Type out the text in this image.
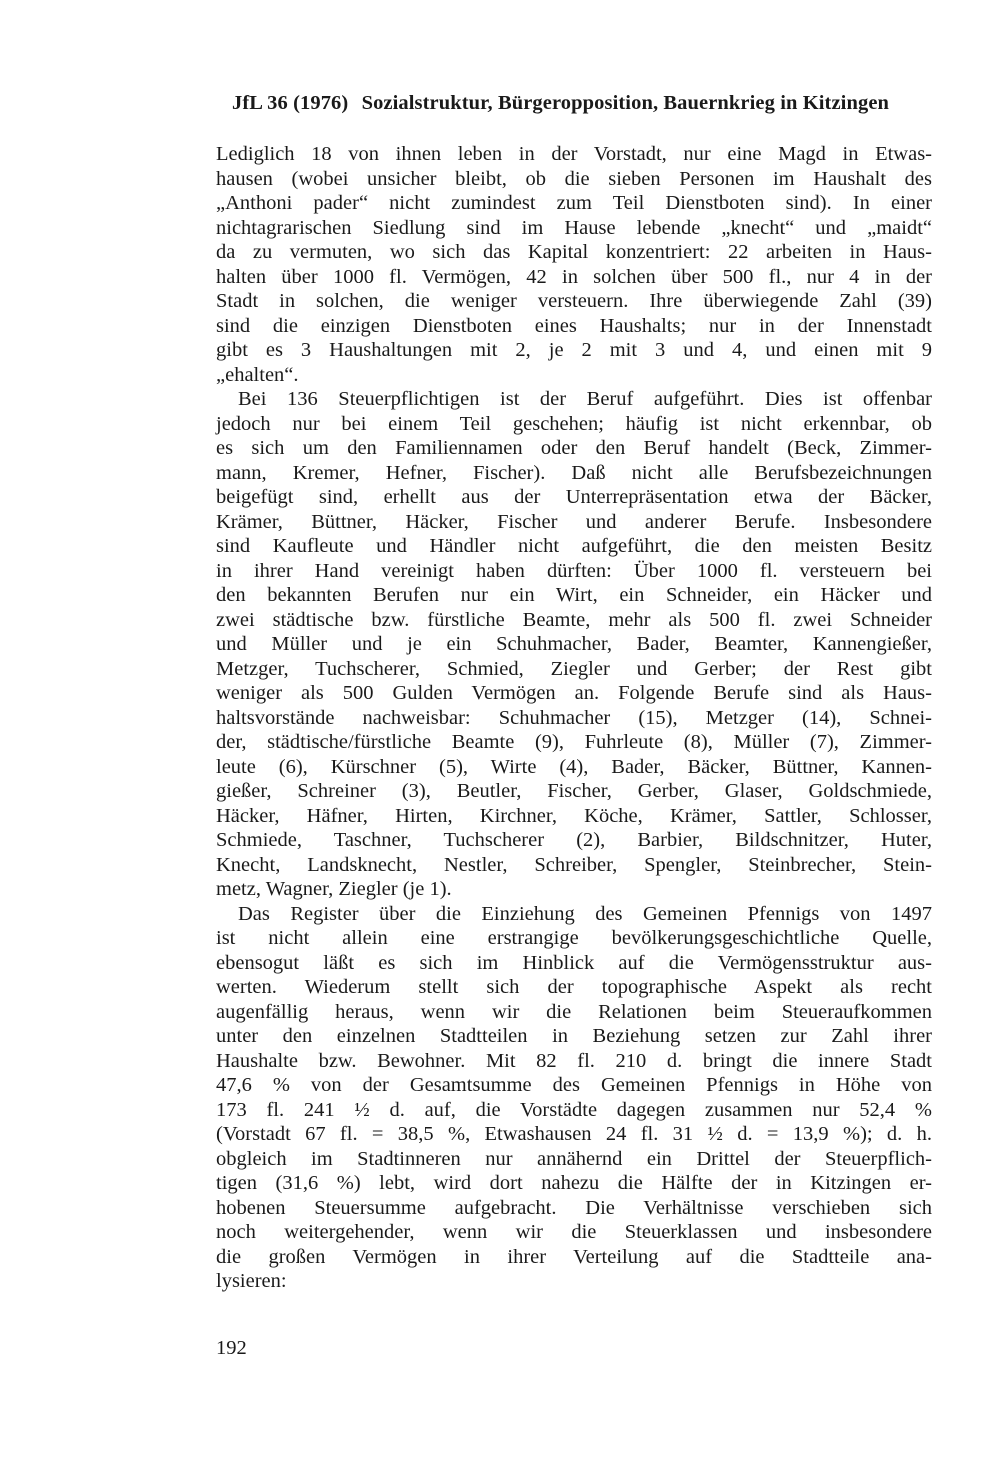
JfL 36 (1976) Sozialstruktur, Bürgeropposition, Bauernkrieg in Kitzingen
Lediglich 18 von ihnen leben in der Vorstadt, nur eine Magd in Etwas-
hausen (wobei unsicher bleibt, ob die sieben Personen im Haushalt des
„Anthoni pader“ nicht zumindest zum Teil Dienstboten sind). In einer
nichtagrarischen Siedlung sind im Hause lebende „knecht“ und „maidt“
da zu vermuten, wo sich das Kapital konzentriert: 22 arbeiten in Haus-
halten über 1000 fl. Vermögen, 42 in solchen über 500 fl., nur 4 in der
Stadt in solchen, die weniger versteuern. Ihre überwiegende Zahl (39)
sind die einzigen Dienstboten eines Haushalts; nur in der Innenstadt
gibt es 3 Haushaltungen mit 2, je 2 mit 3 und 4, und einen mit 9
„ehalten“.
Bei 136 Steuerpflichtigen ist der Beruf aufgeführt. Dies ist offenbar
jedoch nur bei einem Teil geschehen; häufig ist nicht erkennbar, ob
es sich um den Familiennamen oder den Beruf handelt (Beck, Zimmer-
mann, Kremer, Hefner, Fischer). Daß nicht alle Berufsbezeichnungen
beigefügt sind, erhellt aus der Unterrepräsentation etwa der Bäcker,
Krämer, Büttner, Häcker, Fischer und anderer Berufe. Insbesondere
sind Kaufleute und Händler nicht aufgeführt, die den meisten Besitz
in ihrer Hand vereinigt haben dürften: Über 1000 fl. versteuern bei
den bekannten Berufen nur ein Wirt, ein Schneider, ein Häcker und
zwei städtische bzw. fürstliche Beamte, mehr als 500 fl. zwei Schneider
und Müller und je ein Schuhmacher, Bader, Beamter, Kannengießer,
Metzger, Tuchscherer, Schmied, Ziegler und Gerber; der Rest gibt
weniger als 500 Gulden Vermögen an. Folgende Berufe sind als Haus-
haltsvorstände nachweisbar: Schuhmacher (15), Metzger (14), Schnei-
der, städtische/fürstliche Beamte (9), Fuhrleute (8), Müller (7), Zimmer-
leute (6), Kürschner (5), Wirte (4), Bader, Bäcker, Büttner, Kannen-
gießer, Schreiner (3), Beutler, Fischer, Gerber, Glaser, Goldschmiede,
Häcker, Häfner, Hirten, Kirchner, Köche, Krämer, Sattler, Schlosser,
Schmiede, Taschner, Tuchscherer (2), Barbier, Bildschnitzer, Huter,
Knecht, Landsknecht, Nestler, Schreiber, Spengler, Steinbrecher, Stein-
metz, Wagner, Ziegler (je 1).
Das Register über die Einziehung des Gemeinen Pfennigs von 1497
ist nicht allein eine erstrangige bevölkerungsgeschichtliche Quelle,
ebensogut läßt es sich im Hinblick auf die Vermögensstruktur aus-
werten. Wiederum stellt sich der topographische Aspekt als recht
augenfällig heraus, wenn wir die Relationen beim Steueraufkommen
unter den einzelnen Stadtteilen in Beziehung setzen zur Zahl ihrer
Haushalte bzw. Bewohner. Mit 82 fl. 210 d. bringt die innere Stadt
47,6 % von der Gesamtsumme des Gemeinen Pfennigs in Höhe von
173 fl. 241 ½ d. auf, die Vorstädte dagegen zusammen nur 52,4 %
(Vorstadt 67 fl. = 38,5 %, Etwashausen 24 fl. 31 ½ d. = 13,9 %); d. h.
obgleich im Stadtinneren nur annähernd ein Drittel der Steuerpflich-
tigen (31,6 %) lebt, wird dort nahezu die Hälfte der in Kitzingen er-
hobenen Steuersumme aufgebracht. Die Verhältnisse verschieben sich
noch weitergehender, wenn wir die Steuerklassen und insbesondere
die großen Vermögen in ihrer Verteilung auf die Stadtteile ana-
lysieren:
192
